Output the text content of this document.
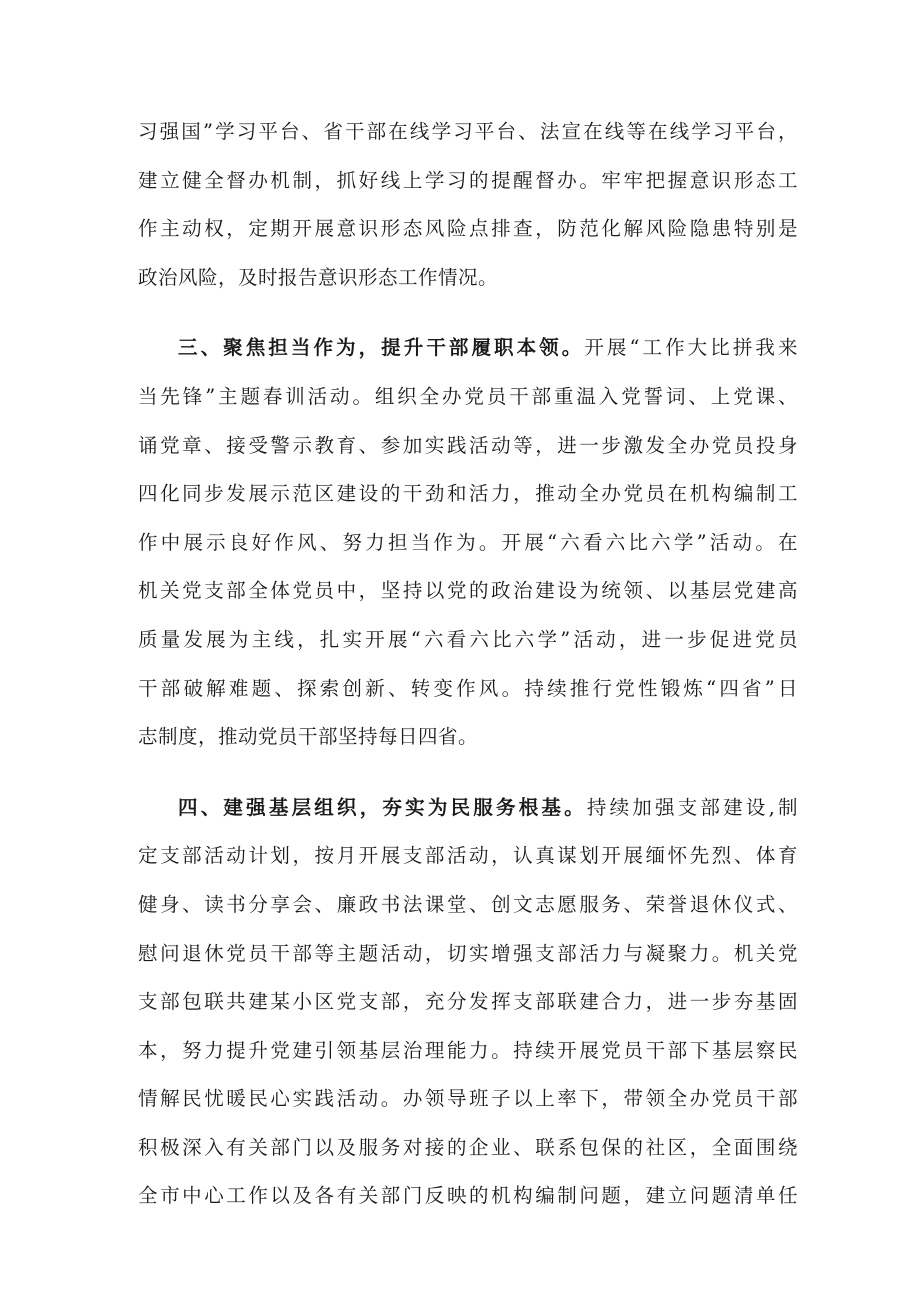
习强国”学习平台、省干部在线学习平台、法宣在线等在线学习平台，
建立健全督办机制，抓好线上学习的提醒督办。牢牢把握意识形态工
作主动权，定期开展意识形态风险点排查，防范化解风险隐患特别是
政治风险，及时报告意识形态工作情况。
三、聚焦担当作为，提升干部履职本领。开展“工作大比拼我来
当先锋”主题春训活动。组织全办党员干部重温入党誓词、上党课、
诵党章、接受警示教育、参加实践活动等，进一步激发全办党员投身
四化同步发展示范区建设的干劲和活力，推动全办党员在机构编制工
作中展示良好作风、努力担当作为。开展“六看六比六学”活动。在
机关党支部全体党员中，坚持以党的政治建设为统领、以基层党建高
质量发展为主线，扎实开展“六看六比六学”活动，进一步促进党员
干部破解难题、探索创新、转变作风。持续推行党性锻炼“四省”日
志制度，推动党员干部坚持每日四省。
四、建强基层组织，夯实为民服务根基。持续加强支部建设,制
定支部活动计划，按月开展支部活动，认真谋划开展缅怀先烈、体育
健身、读书分享会、廉政书法课堂、创文志愿服务、荣誉退休仪式、
慰问退休党员干部等主题活动，切实增强支部活力与凝聚力。机关党
支部包联共建某小区党支部，充分发挥支部联建合力，进一步夯基固
本，努力提升党建引领基层治理能力。持续开展党员干部下基层察民
情解民忧暖民心实践活动。办领导班子以上率下，带领全办党员干部
积极深入有关部门以及服务对接的企业、联系包保的社区，全面围绕
全市中心工作以及各有关部门反映的机构编制问题，建立问题清单任
